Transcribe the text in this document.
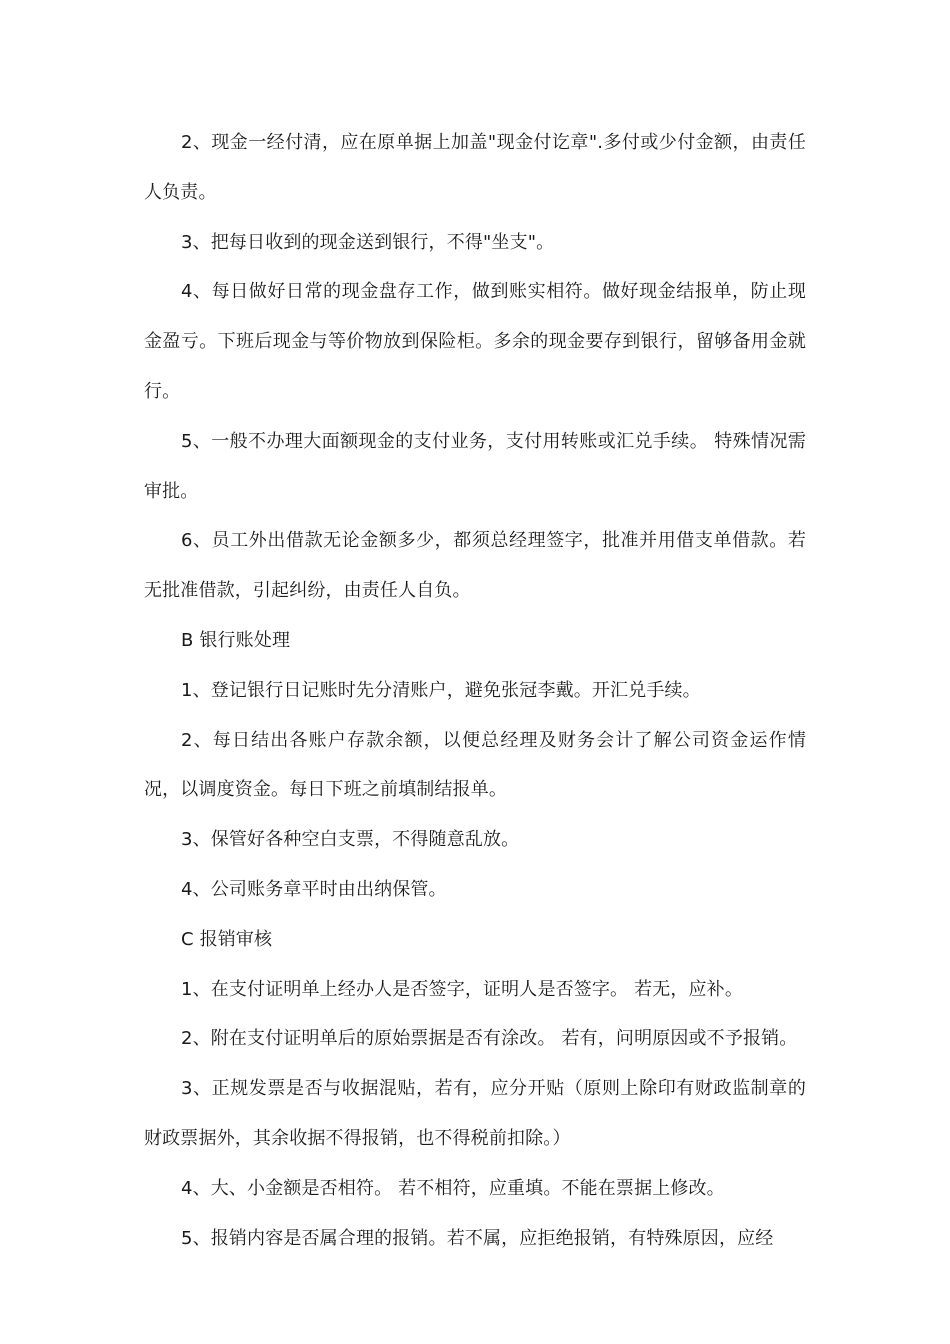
2、现金一经付清，应在原单据上加盖"现金付讫章".多付或少付金额，由责任人负责。

3、把每日收到的现金送到银行，不得"坐支"。

4、每日做好日常的现金盘存工作，做到账实相符。做好现金结报单，防止现金盈亏。下班后现金与等价物放到保险柜。多余的现金要存到银行，留够备用金就行。

5、一般不办理大面额现金的支付业务，支付用转账或汇兑手续。 特殊情况需审批。

6、员工外出借款无论金额多少，都须总经理签字，批准并用借支单借款。若无批准借款，引起纠纷，由责任人自负。

B 银行账处理

1、登记银行日记账时先分清账户，避免张冠李戴。开汇兑手续。

2、每日结出各账户存款余额，以便总经理及财务会计了解公司资金运作情况，以调度资金。每日下班之前填制结报单。

3、保管好各种空白支票，不得随意乱放。

4、公司账务章平时由出纳保管。

C 报销审核

1、在支付证明单上经办人是否签字，证明人是否签字。 若无，应补。

2、附在支付证明单后的原始票据是否有涂改。 若有，问明原因或不予报销。

3、正规发票是否与收据混贴，若有，应分开贴（原则上除印有财政监制章的财政票据外，其余收据不得报销，也不得税前扣除。）

4、大、小金额是否相符。 若不相符，应重填。不能在票据上修改。

5、报销内容是否属合理的报销。若不属，应拒绝报销，有特殊原因，应经
